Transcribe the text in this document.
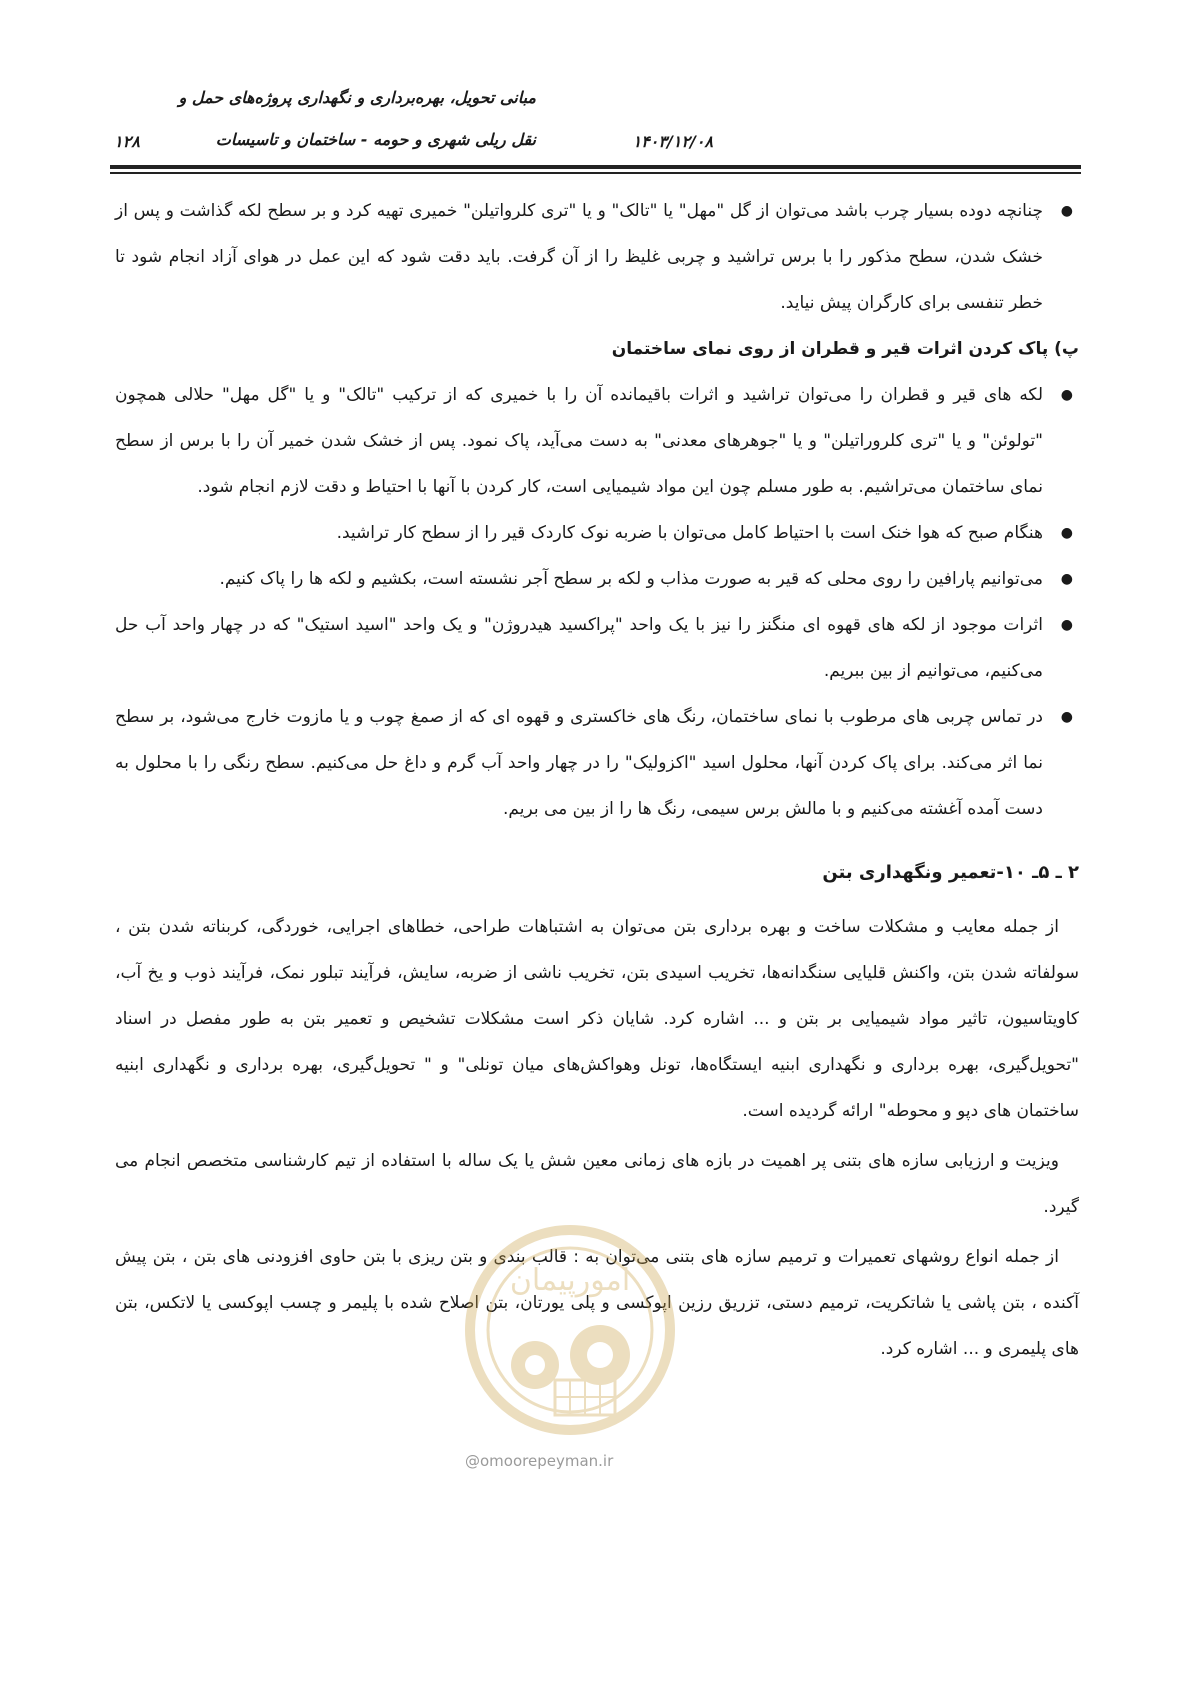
مبانی تحویل، بهره‌برداری و نگهداری پروژه‌های حمل و
نقل ریلی شهری و حومه - ساختمان و تاسیسات	۱۴۰۳/۱۲/۰۸
۱۲۸
●
چنانچه دوده بسیار چرب باشد می‌توان از گل "مهل" یا "تالک" و یا "تری کلرواتیلن" خمیری تهیه کرد و بر سطح لکه گذاشت و پس از خشک شدن، سطح مذکور را با برس تراشید و چربی غلیظ را از آن گرفت. باید دقت شود که این عمل در هوای آزاد انجام شود تا خطر تنفسی برای کارگران پیش نیاید.
پ) پاک کردن اثرات قیر و قطران از روی نمای ساختمان
●
لکه های قیر و قطران را می‌توان تراشید و اثرات باقیمانده آن را با خمیری که از ترکیب "تالک" و یا "گل مهل" حلالی همچون "تولوئن" و یا "تری کلروراتیلن" و یا "جوهرهای معدنی" به دست می‌آید، پاک نمود. پس از خشک شدن خمیر آن را با برس از سطح نمای ساختمان می‌تراشیم. به طور مسلم چون این مواد شیمیایی است، کار کردن با آنها با احتیاط و دقت لازم انجام شود.
●
هنگام صبح که هوا خنک است با احتیاط کامل می‌توان با ضربه نوک کاردک قیر را از سطح کار تراشید.
●
می‌توانیم پارافین را روی محلی که قیر به صورت مذاب و لکه بر سطح آجر نشسته است، بکشیم و لکه ها را پاک کنیم.
●
اثرات موجود از لکه های قهوه ای منگنز را نیز با یک واحد "پراکسید هیدروژن" و یک واحد "اسید استیک" که در چهار واحد آب حل می‌کنیم، می‌توانیم از بین ببریم.
●
در تماس چربی های مرطوب با نمای ساختمان، رنگ های خاکستری و قهوه ای که از صمغ چوب و یا مازوت خارج می‌شود، بر سطح نما اثر می‌کند. برای پاک کردن آنها، محلول اسید "اکزولیک" را در چهار واحد آب گرم و داغ حل می‌کنیم. سطح رنگی را با محلول به دست آمده آغشته می‌کنیم و با مالش برس سیمی، رنگ ها را از بین می بریم.
۲ ـ ۵ـ ۱۰-تعمیر ونگهداری بتن

از جمله معایب و مشکلات ساخت و بهره برداری بتن می‌توان به اشتباهات طراحی، خطاهای اجرایی، خوردگی، کربناته شدن بتن ، سولفاته شدن بتن، واکنش قلیایی سنگدانه‌ها، تخریب اسیدی بتن، تخریب ناشی از ضربه، سایش، فرآیند تبلور نمک، فرآیند ذوب و یخ آب، کاویتاسیون، تاثیر مواد شیمیایی بر بتن و ... اشاره کرد. شایان ذکر است مشکلات تشخیص و تعمیر بتن به طور مفصل در اسناد "تحویل‌گیری، بهره برداری و نگهداری ابنیه ایستگاه‌ها، تونل وهواکش‌های میان تونلی" و " تحویل‌گیری، بهره برداری و نگهداری ابنیه ساختمان های دپو و محوطه" ارائه گردیده است.

ویزیت و ارزیابی سازه های بتنی پر اهمیت در بازه های زمانی معین شش یا یک ساله با استفاده از تیم کارشناسی متخصص انجام می گیرد.

از جمله انواع روشهای تعمیرات و ترمیم سازه های بتنی می‌توان به : قالب بندی و بتن ریزی با بتن حاوی افزودنی های بتن ، بتن پیش آکنده ، بتن پاشی یا شاتکریت، ترمیم دستی، تزریق رزین اپوکسی و پلی یورتان، بتن اصلاح شده با پلیمر و چسب اپوکسی یا لاتکس، بتن های پلیمری و ... اشاره کرد.

امورپیمان
@omoorepeyman.ir
